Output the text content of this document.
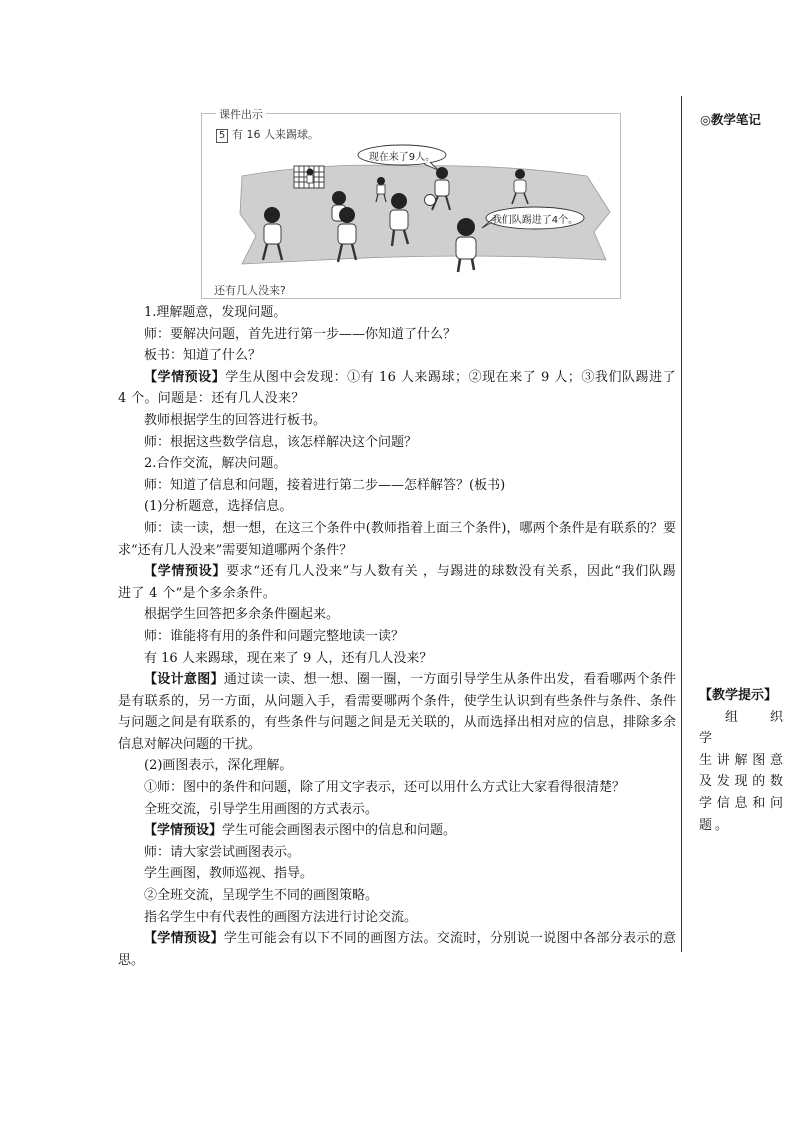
课件出示
5 有 16 人来踢球。
现在来了9人。
我们队踢进了4个。
还有几人没来?

1.理解题意，发现问题。

师：要解决问题，首先进行第一步——你知道了什么？

板书：知道了什么？

【学情预设】学生从图中会发现：①有 16 人来踢球；②现在来了 9 人；③我们队踢进了 4 个。问题是：还有几人没来？

教师根据学生的回答进行板书。

师：根据这些数学信息，该怎样解决这个问题？

2.合作交流，解决问题。

师：知道了信息和问题，接着进行第二步——怎样解答？(板书)

(1)分析题意，选择信息。

师：读一读，想一想，在这三个条件中(教师指着上面三个条件)，哪两个条件是有联系的？要求“还有几人没来”需要知道哪两个条件？

【学情预设】要求“还有几人没来”与人数有关 ，与踢进的球数没有关系，因此“我们队踢进了 4 个”是个多余条件。

根据学生回答把多余条件圈起来。

师：谁能将有用的条件和问题完整地读一读？

有 16 人来踢球，现在来了 9 人，还有几人没来？

【设计意图】通过读一读、想一想、圈一圈，一方面引导学生从条件出发，看看哪两个条件是有联系的，另一方面，从问题入手，看需要哪两个条件，使学生认识到有些条件与条件、条件与问题之间是有联系的，有些条件与问题之间是无关联的，从而选择出相对应的信息，排除多余信息对解决问题的干扰。

(2)画图表示，深化理解。

①师：图中的条件和问题，除了用文字表示，还可以用什么方式让大家看得很清楚？

全班交流，引导学生用画图的方式表示。

【学情预设】学生可能会画图表示图中的信息和问题。

师：请大家尝试画图表示。

学生画图，教师巡视、指导。

②全班交流，呈现学生不同的画图策略。

指名学生中有代表性的画图方法进行讨论交流。

【学情预设】学生可能会有以下不同的画图方法。交流时，分别说一说图中各部分表示的意思。

◎教学笔记
【教学提示】
组 织 学
生讲解图意
及发现的数
学信息和问
题。
